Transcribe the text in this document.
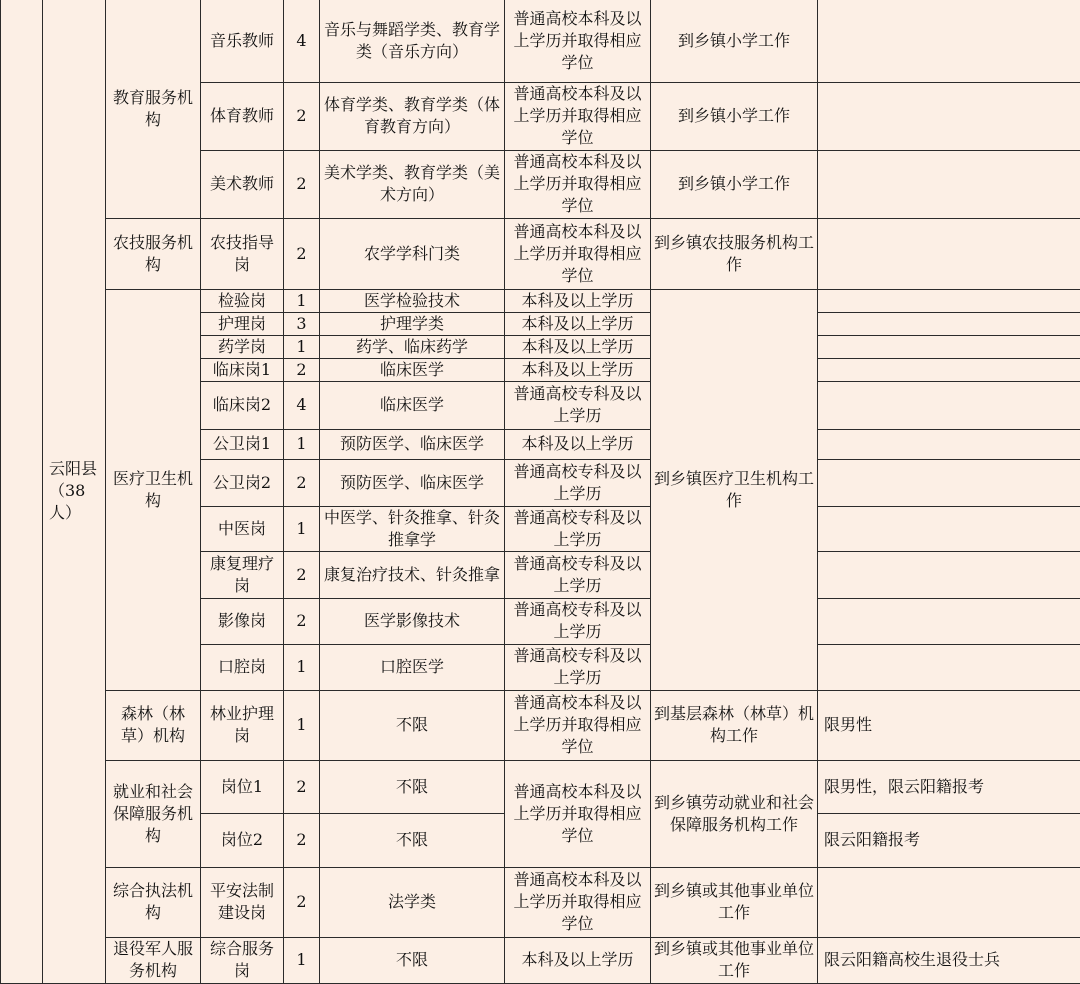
	云阳县（38人）	教育服务机构	音乐教师	4	音乐与舞蹈学类、教育学类（音乐方向）	普通高校本科及以上学历并取得相应学位	到乡镇小学工作	
			体育教师	2	体育学类、教育学类（体育教育方向）	普通高校本科及以上学历并取得相应学位	到乡镇小学工作	
			美术教师	2	美术学类、教育学类（美术方向）	普通高校本科及以上学历并取得相应学位	到乡镇小学工作	
		农技服务机构	农技指导岗	2	农学学科门类	普通高校本科及以上学历并取得相应学位	到乡镇农技服务机构工作	
		医疗卫生机构	检验岗	1	医学检验技术	本科及以上学历	到乡镇医疗卫生机构工作	
			护理岗	3	护理学类	本科及以上学历		
			药学岗	1	药学、临床药学	本科及以上学历		
			临床岗1	2	临床医学	本科及以上学历		
			临床岗2	4	临床医学	普通高校专科及以上学历		
			公卫岗1	1	预防医学、临床医学	本科及以上学历		
			公卫岗2	2	预防医学、临床医学	普通高校专科及以上学历		
			中医岗	1	中医学、针灸推拿、针灸推拿学	普通高校专科及以上学历		
			康复理疗岗	2	康复治疗技术、针灸推拿	普通高校专科及以上学历		
			影像岗	2	医学影像技术	普通高校专科及以上学历		
			口腔岗	1	口腔医学	普通高校专科及以上学历		
		森林（林草）机构	林业护理岗	1	不限	普通高校本科及以上学历并取得相应学位	到基层森林（林草）机构工作	限男性
		就业和社会保障服务机构	岗位1	2	不限	普通高校本科及以上学历并取得相应学位	到乡镇劳动就业和社会保障服务机构工作	限男性，限云阳籍报考
			岗位2	2	不限			限云阳籍报考
		综合执法机构	平安法制建设岗	2	法学类	普通高校本科及以上学历并取得相应学位	到乡镇或其他事业单位工作	
		退役军人服务机构	综合服务岗	1	不限	本科及以上学历	到乡镇或其他事业单位工作	限云阳籍高校生退役士兵
